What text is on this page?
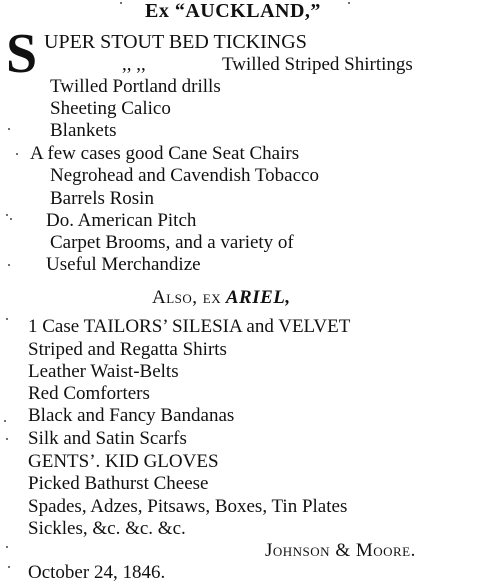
Ex “AUCKLAND,”
S UPER STOUT BED TICKINGS
,, ,,	Twilled Striped Shirtings
Twilled Portland drills
Sheeting Calico
Blankets
A few cases good Cane Seat Chairs
Negrohead and Cavendish Tobacco
Barrels Rosin
Do. American Pitch
Carpet Brooms, and a variety of
Useful Merchandize
Also, ex ARIEL,
1 Case TAILORS’ SILESIA and VELVET
Striped and Regatta Shirts
Leather Waist-Belts
Red Comforters
Black and Fancy Bandanas
Silk and Satin Scarfs
GENTS’. KID GLOVES
Picked Bathurst Cheese
Spades, Adzes, Pitsaws, Boxes, Tin Plates
Sickles, &c. &c. &c.
Johnson & Moore.
October 24, 1846.
